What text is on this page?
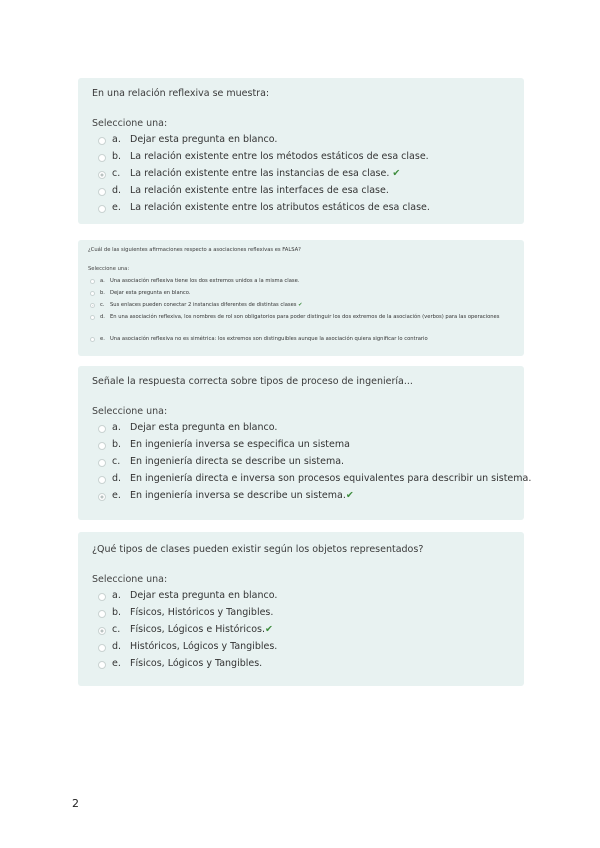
En una relación reflexiva se muestra:
Seleccione una:
a. Dejar esta pregunta en blanco.
b. La relación existente entre los métodos estáticos de esa clase.
c. La relación existente entre las instancias de esa clase. ✔
d. La relación existente entre las interfaces de esa clase.
e. La relación existente entre los atributos estáticos de esa clase.
¿Cuál de las siguientes afirmaciones respecto a asociaciones reflexivas es FALSA?
Seleccione una:
a. Una asociación reflexiva tiene los dos extremos unidos a la misma clase.
b. Dejar esta pregunta en blanco.
c. Sus enlaces pueden conectar 2 instancias diferentes de distintas clases ✔
d. En una asociación reflexiva, los nombres de rol son obligatorios para poder distinguir los dos extremos de la asociación (verbos) para las operaciones
e. Una asociación reflexiva no es simétrica: los extremos son distinguibles aunque la asociación quiera significar lo contrario
Señale la respuesta correcta sobre tipos de proceso de ingeniería...
Seleccione una:
a. Dejar esta pregunta en blanco.
b. En ingeniería inversa se especifica un sistema
c. En ingeniería directa se describe un sistema.
d. En ingeniería directa e inversa son procesos equivalentes para describir un sistema.
e. En ingeniería inversa se describe un sistema.✔
¿Qué tipos de clases pueden existir según los objetos representados?
Seleccione una:
a. Dejar esta pregunta en blanco.
b. Físicos, Históricos y Tangibles.
c. Físicos, Lógicos e Históricos.✔
d. Históricos, Lógicos y Tangibles.
e. Físicos, Lógicos y Tangibles.
2
